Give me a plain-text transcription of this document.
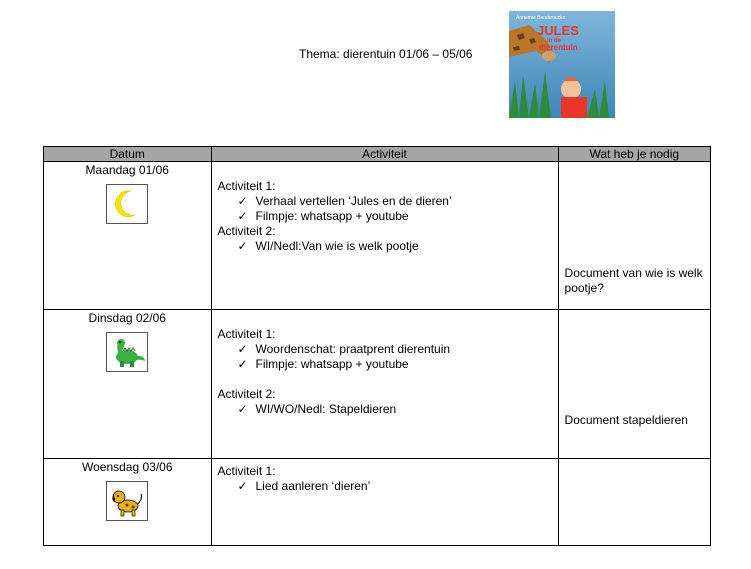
Thema: dierentuin 01/06 – 05/06
Annemie Berebrouckx
JULES
in de
dierentuin
Datum	Activiteit	Wat heb je nodig

Maandag 01/06	Activiteit 1:
✓ Verhaal vertellen ‘Jules en de dieren’
✓ Filmpje: whatsapp + youtube
Activiteit 2:
✓ WI/Nedl:Van wie is welk pootje	Document van wie is welk pootje?

Dinsdag 02/06	Activiteit 1:
✓ Woordenschat: praatprent dierentuin
✓ Filmpje: whatsapp + youtube
Activiteit 2:
✓ WI/WO/Nedl: Stapeldieren	Document stapeldieren

Woensdag 03/06	Activiteit 1:
✓ Lied aanleren ‘dieren’	
